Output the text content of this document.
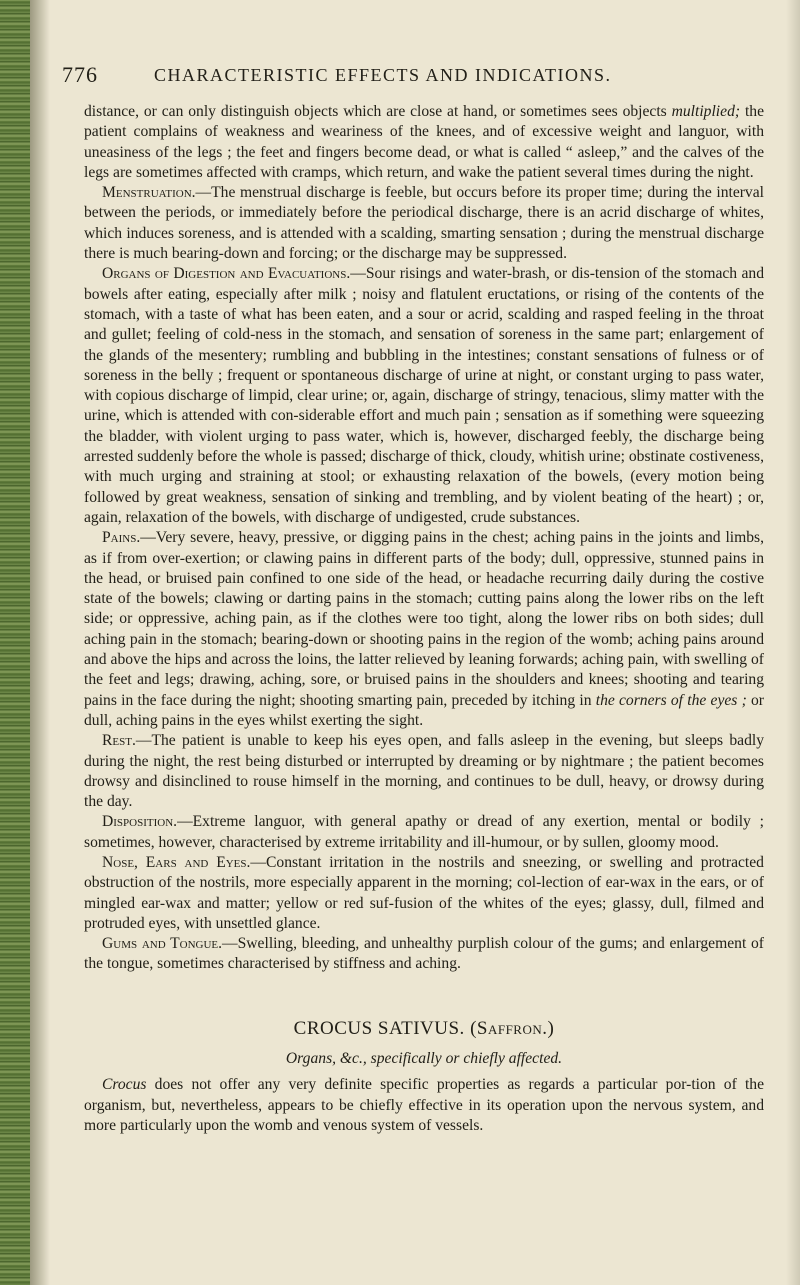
776	CHARACTERISTIC EFFECTS AND INDICATIONS.

distance, or can only distinguish objects which are close at hand, or sometimes sees objects multiplied; the patient complains of weakness and weariness of the knees, and of excessive weight and languor, with uneasiness of the legs ; the feet and fingers become dead, or what is called “ asleep,” and the calves of the legs are sometimes affected with cramps, which return, and wake the patient several times during the night.

Menstruation.—The menstrual discharge is feeble, but occurs before its proper time; during the interval between the periods, or immediately before the periodical discharge, there is an acrid discharge of whites, which induces soreness, and is attended with a scalding, smarting sensation ; during the menstrual discharge there is much bearing-down and forcing; or the discharge may be suppressed.

Organs of Digestion and Evacuations.—Sour risings and water-brash, or dis-tension of the stomach and bowels after eating, especially after milk ; noisy and flatulent eructations, or rising of the contents of the stomach, with a taste of what has been eaten, and a sour or acrid, scalding and rasped feeling in the throat and gullet; feeling of cold-ness in the stomach, and sensation of soreness in the same part; enlargement of the glands of the mesentery; rumbling and bubbling in the intestines; constant sensations of fulness or of soreness in the belly ; frequent or spontaneous discharge of urine at night, or constant urging to pass water, with copious discharge of limpid, clear urine; or, again, discharge of stringy, tenacious, slimy matter with the urine, which is attended with con-siderable effort and much pain ; sensation as if something were squeezing the bladder, with violent urging to pass water, which is, however, discharged feebly, the discharge being arrested suddenly before the whole is passed; discharge of thick, cloudy, whitish urine; obstinate costiveness, with much urging and straining at stool; or exhausting relaxation of the bowels, (every motion being followed by great weakness, sensation of sinking and trembling, and by violent beating of the heart) ; or, again, relaxation of the bowels, with discharge of undigested, crude substances.

Pains.—Very severe, heavy, pressive, or digging pains in the chest; aching pains in the joints and limbs, as if from over-exertion; or clawing pains in different parts of the body; dull, oppressive, stunned pains in the head, or bruised pain confined to one side of the head, or headache recurring daily during the costive state of the bowels; clawing or darting pains in the stomach; cutting pains along the lower ribs on the left side; or oppressive, aching pain, as if the clothes were too tight, along the lower ribs on both sides; dull aching pain in the stomach; bearing-down or shooting pains in the region of the womb; aching pains around and above the hips and across the loins, the latter relieved by leaning forwards; aching pain, with swelling of the feet and legs; drawing, aching, sore, or bruised pains in the shoulders and knees; shooting and tearing pains in the face during the night; shooting smarting pain, preceded by itching in the corners of the eyes ; or dull, aching pains in the eyes whilst exerting the sight.

Rest.—The patient is unable to keep his eyes open, and falls asleep in the evening, but sleeps badly during the night, the rest being disturbed or interrupted by dreaming or by nightmare ; the patient becomes drowsy and disinclined to rouse himself in the morning, and continues to be dull, heavy, or drowsy during the day.

Disposition.—Extreme languor, with general apathy or dread of any exertion, mental or bodily ; sometimes, however, characterised by extreme irritability and ill-humour, or by sullen, gloomy mood.

Nose, Ears and Eyes.—Constant irritation in the nostrils and sneezing, or swelling and protracted obstruction of the nostrils, more especially apparent in the morning; col-lection of ear-wax in the ears, or of mingled ear-wax and matter; yellow or red suf-fusion of the whites of the eyes; glassy, dull, filmed and protruded eyes, with unsettled glance.

Gums and Tongue.—Swelling, bleeding, and unhealthy purplish colour of the gums; and enlargement of the tongue, sometimes characterised by stiffness and aching.

CROCUS SATIVUS. (Saffron.)
Organs, &c., specifically or chiefly affected.

Crocus does not offer any very definite specific properties as regards a particular por-tion of the organism, but, nevertheless, appears to be chiefly effective in its operation upon the nervous system, and more particularly upon the womb and venous system of vessels.
